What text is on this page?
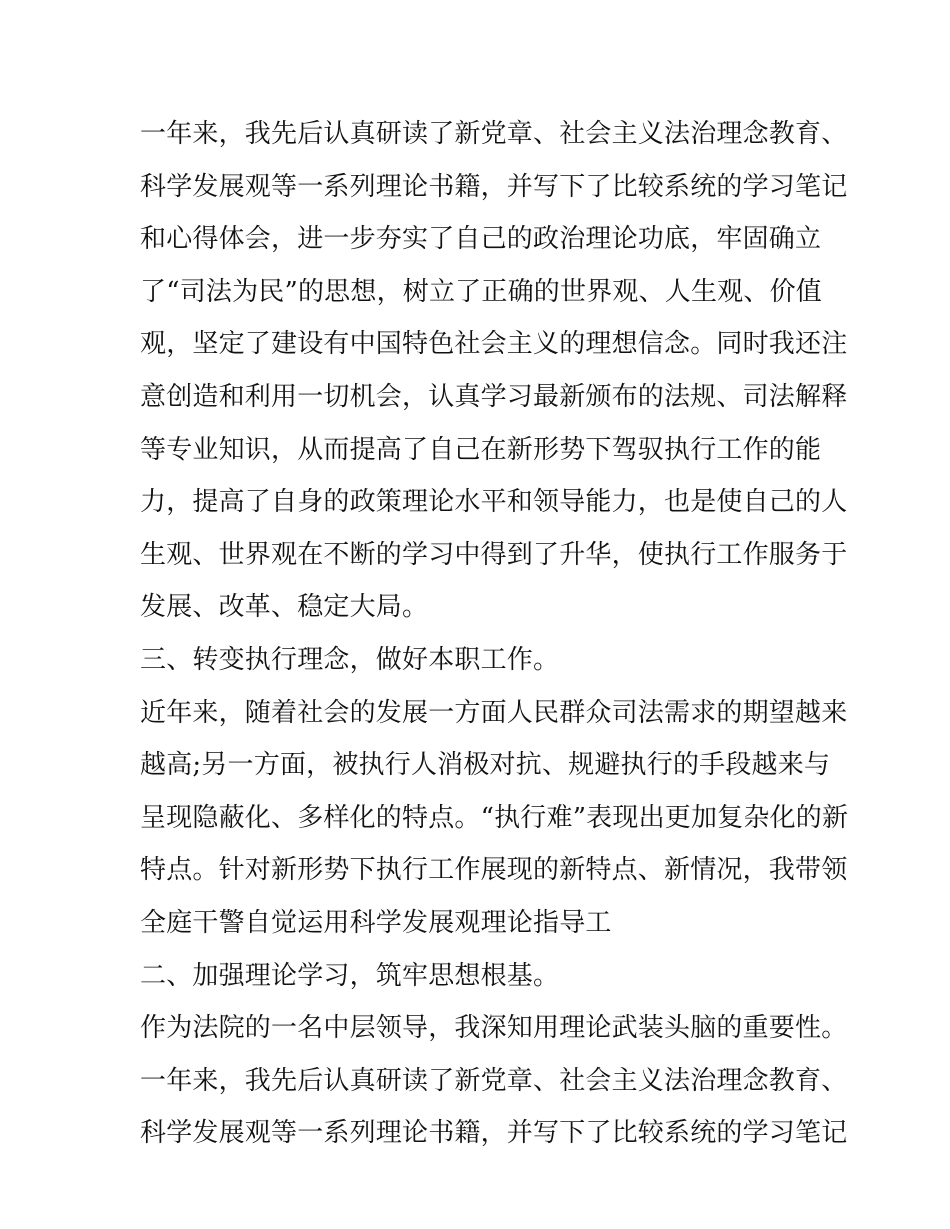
一年来，我先后认真研读了新党章、社会主义法治理念教育、
科学发展观等一系列理论书籍，并写下了比较系统的学习笔记
和心得体会，进一步夯实了自己的政治理论功底，牢固确立
了“司法为民”的思想，树立了正确的世界观、人生观、价值
观，坚定了建设有中国特色社会主义的理想信念。同时我还注
意创造和利用一切机会，认真学习最新颁布的法规、司法解释
等专业知识，从而提高了自己在新形势下驾驭执行工作的能
力，提高了自身的政策理论水平和领导能力，也是使自己的人
生观、世界观在不断的学习中得到了升华，使执行工作服务于
发展、改革、稳定大局。
三、转变执行理念，做好本职工作。
近年来，随着社会的发展一方面人民群众司法需求的期望越来
越高;另一方面，被执行人消极对抗、规避执行的手段越来与
呈现隐蔽化、多样化的特点。“执行难”表现出更加复杂化的新
特点。针对新形势下执行工作展现的新特点、新情况，我带领
全庭干警自觉运用科学发展观理论指导工
二、加强理论学习，筑牢思想根基。
作为法院的一名中层领导，我深知用理论武装头脑的重要性。
一年来，我先后认真研读了新党章、社会主义法治理念教育、
科学发展观等一系列理论书籍，并写下了比较系统的学习笔记
